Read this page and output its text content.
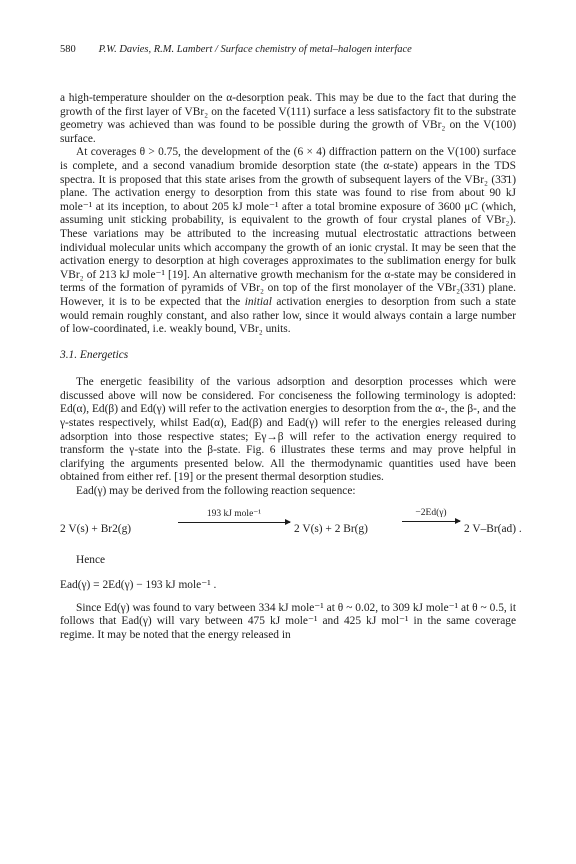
580 P.W. Davies, R.M. Lambert / Surface chemistry of metal–halogen interface

a high-temperature shoulder on the α-desorption peak. This may be due to the fact that during the growth of the first layer of VBr₂ on the faceted V(111) surface a less satisfactory fit to the substrate geometry was achieved than was found to be possible during the growth of VBr₂ on the V(100) surface.

At coverages θ > 0.75, the development of the (6 × 4) diffraction pattern on the V(100) surface is complete, and a second vanadium bromide desorption state (the α-state) appears in the TDS spectra. It is proposed that this state arises from the growth of subsequent layers of the VBr₂ (33̄1) plane. The activation energy to desorption from this state was found to rise from about 90 kJ mole⁻¹ at its inception, to about 205 kJ mole⁻¹ after a total bromine exposure of 3600 μC (which, assuming unit sticking probability, is equivalent to the growth of four crystal planes of VBr₂). These variations may be attributed to the increasing mutual electrostatic attractions between individual molecular units which accompany the growth of an ionic crystal. It may be seen that the activation energy to desorption at high coverages approximates to the sublimation energy for bulk VBr₂ of 213 kJ mole⁻¹ [19]. An alternative growth mechanism for the α-state may be considered in terms of the formation of pyramids of VBr₂ on top of the first monolayer of the VBr₂(33̄1) plane. However, it is to be expected that the initial activation energies to desorption from such a state would remain roughly constant, and also rather low, since it would always contain a large number of low-coordinated, i.e. weakly bound, VBr₂ units.

3.1. Energetics

The energetic feasibility of the various adsorption and desorption processes which were discussed above will now be considered. For conciseness the following terminology is adopted: Ed(α), Ed(β) and Ed(γ) will refer to the activation energies to desorption from the α-, the β-, and the γ-states respectively, whilst Ead(α), Ead(β) and Ead(γ) will refer to the energies released during adsorption into those respective states; Eγ→β will refer to the activation energy required to transform the γ-state into the β-state. Fig. 6 illustrates these terms and may prove helpful in clarifying the arguments presented below. All the thermodynamic quantities used have been obtained from either ref. [19] or the present thermal desorption studies.

Ead(γ) may be derived from the following reaction sequence:

2 V(s) + Br2(g)
193 kJ mole⁻¹
2 V(s) + 2 Br(g)
−2Ed(γ)
2 V–Br(ad) .
Hence

Ead(γ) = 2Ed(γ) − 193 kJ mole⁻¹ .

Since Ed(γ) was found to vary between 334 kJ mole⁻¹ at θ ~ 0.02, to 309 kJ mole⁻¹ at θ ~ 0.5, it follows that Ead(γ) will vary between 475 kJ mole⁻¹ and 425 kJ mol⁻¹ in the same coverage regime. It may be noted that the energy released in
